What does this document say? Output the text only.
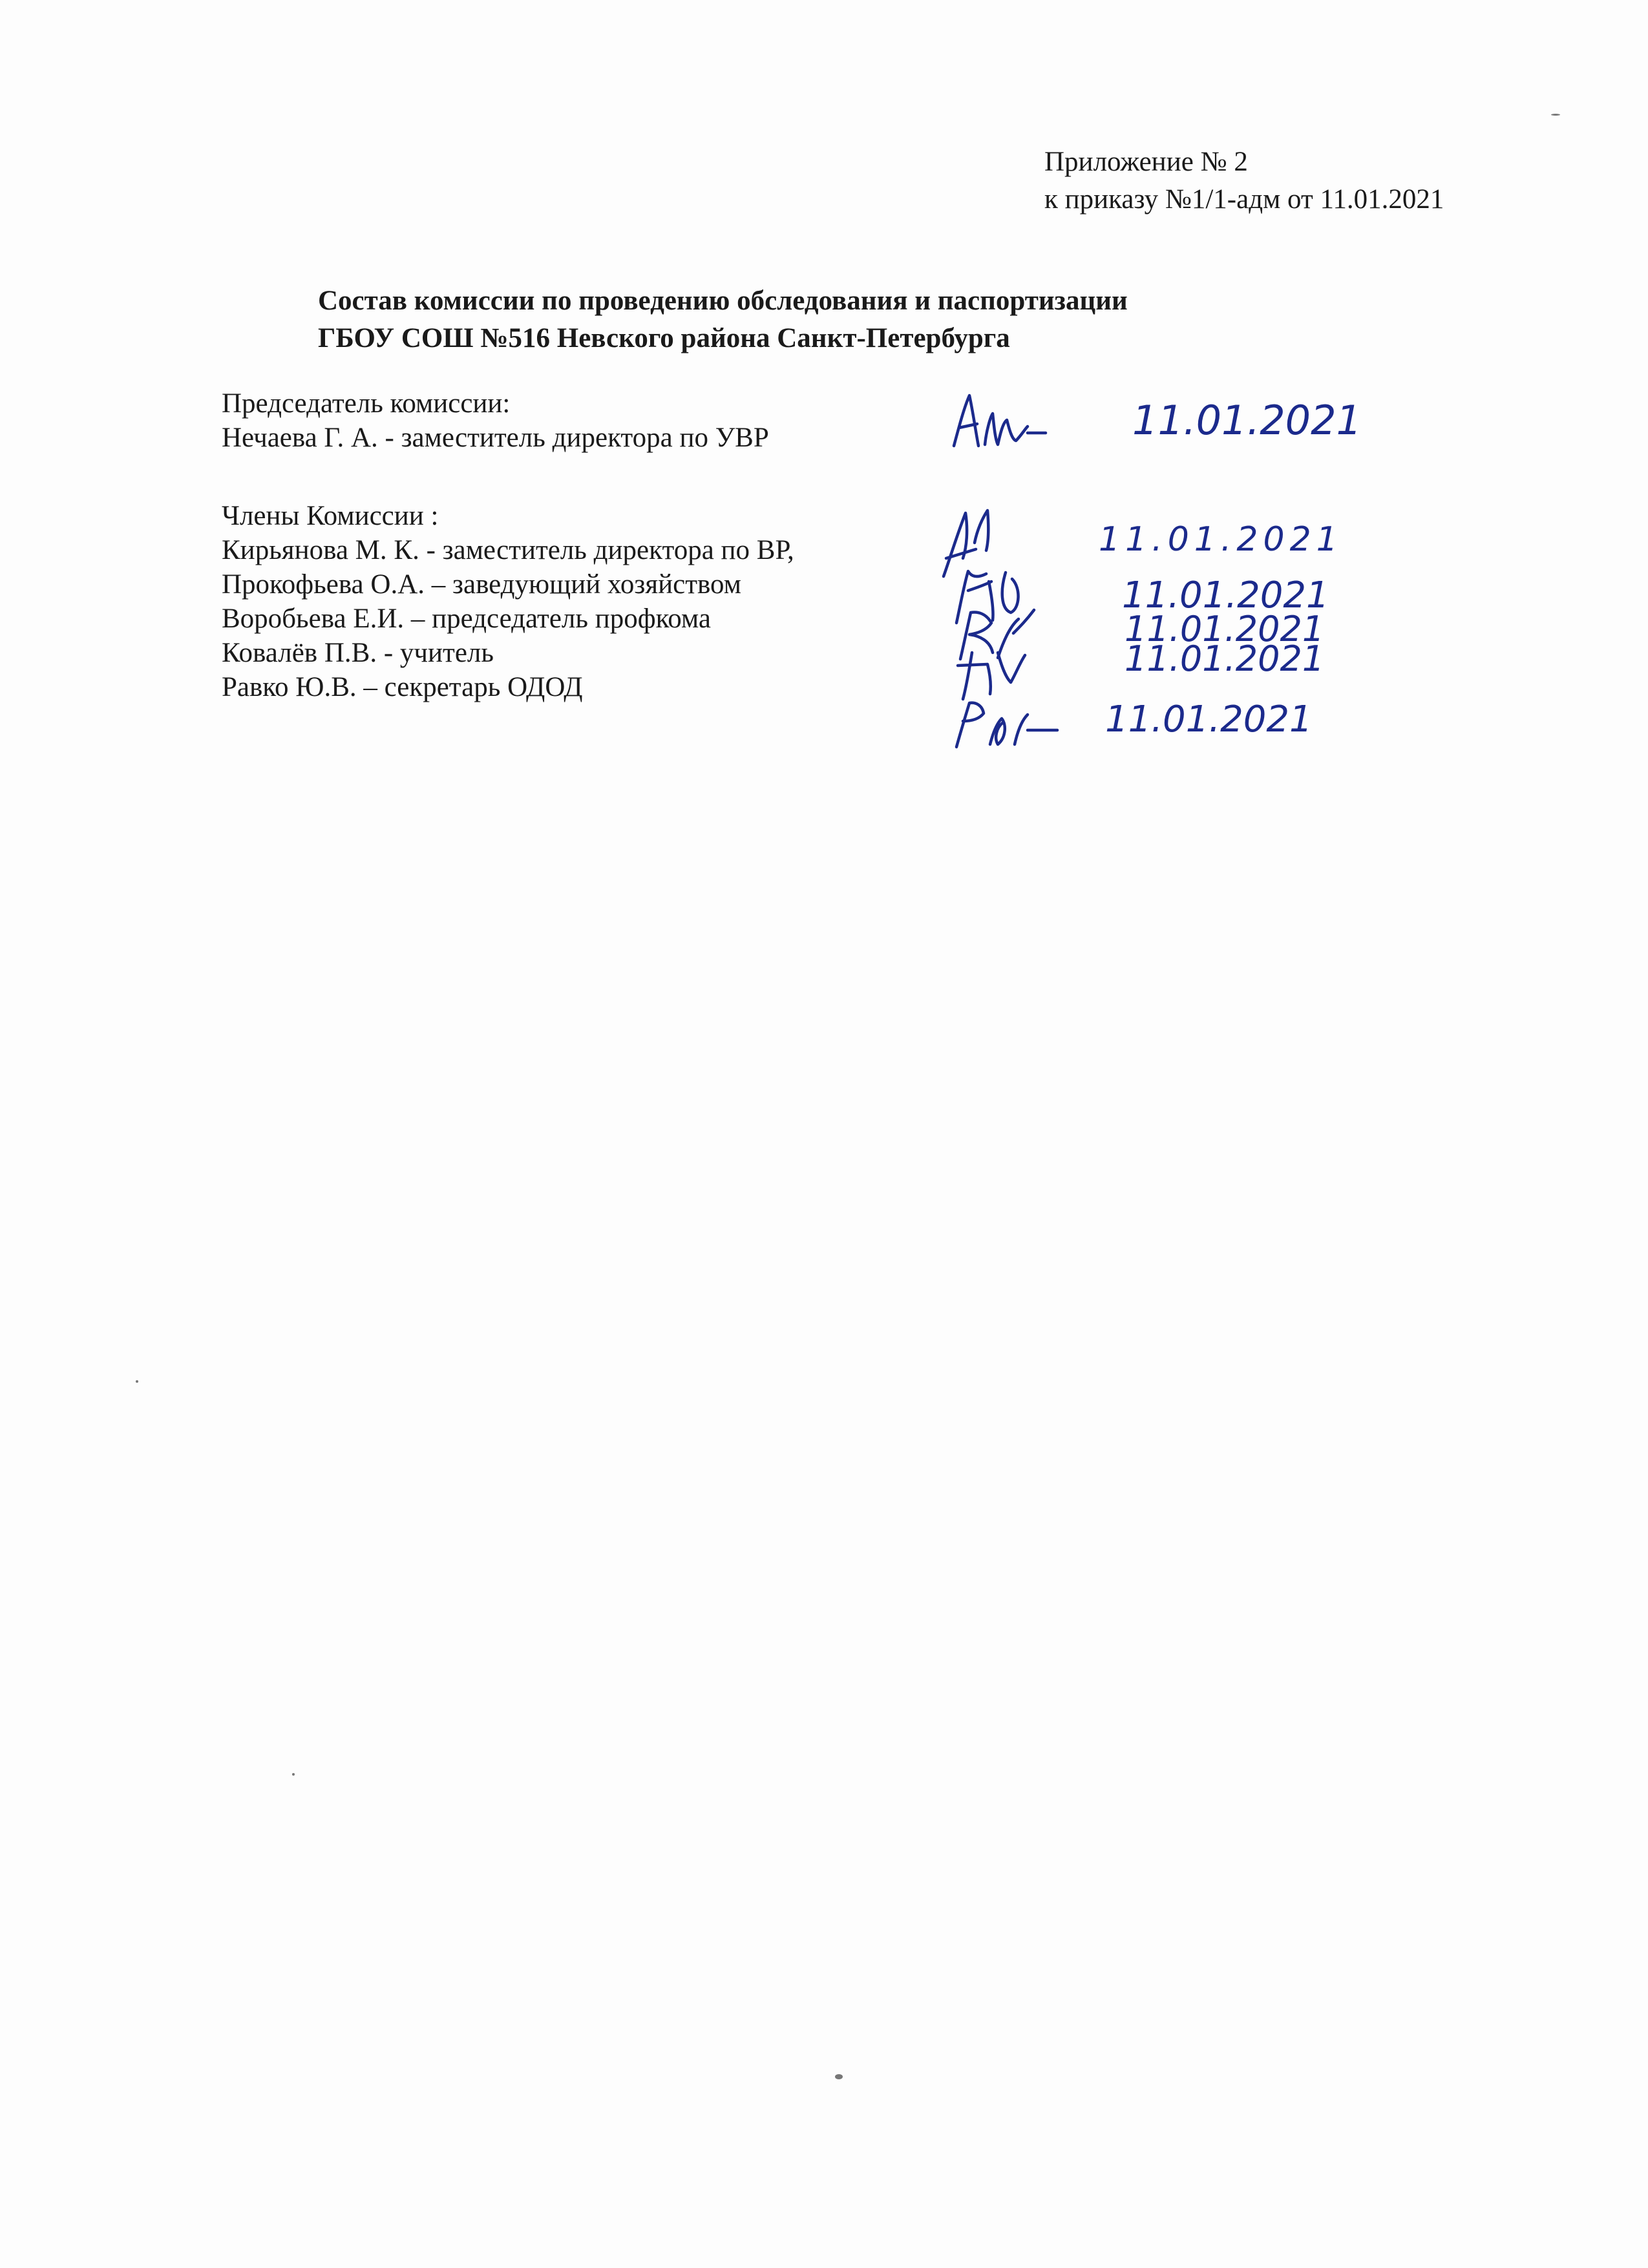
Приложение № 2
к приказу №1/1-адм от 11.01.2021
Состав комиссии по проведению обследования и паспортизации
ГБОУ СОШ №516 Невского района Санкт-Петербурга
Председатель комиссии:
Нечаева Г. А. - заместитель директора по УВР
Члены Комиссии :
Кирьянова М. К. - заместитель директора по ВР,
Прокофьева О.А. – заведующий хозяйством
Воробьева Е.И. – председатель профкома
Ковалёв П.В. - учитель
Равко Ю.В. – секретарь ОДОД
11.01.2021
11.01.2021
11.01.2021
11.01.2021
11.01.2021
11.01.2021
